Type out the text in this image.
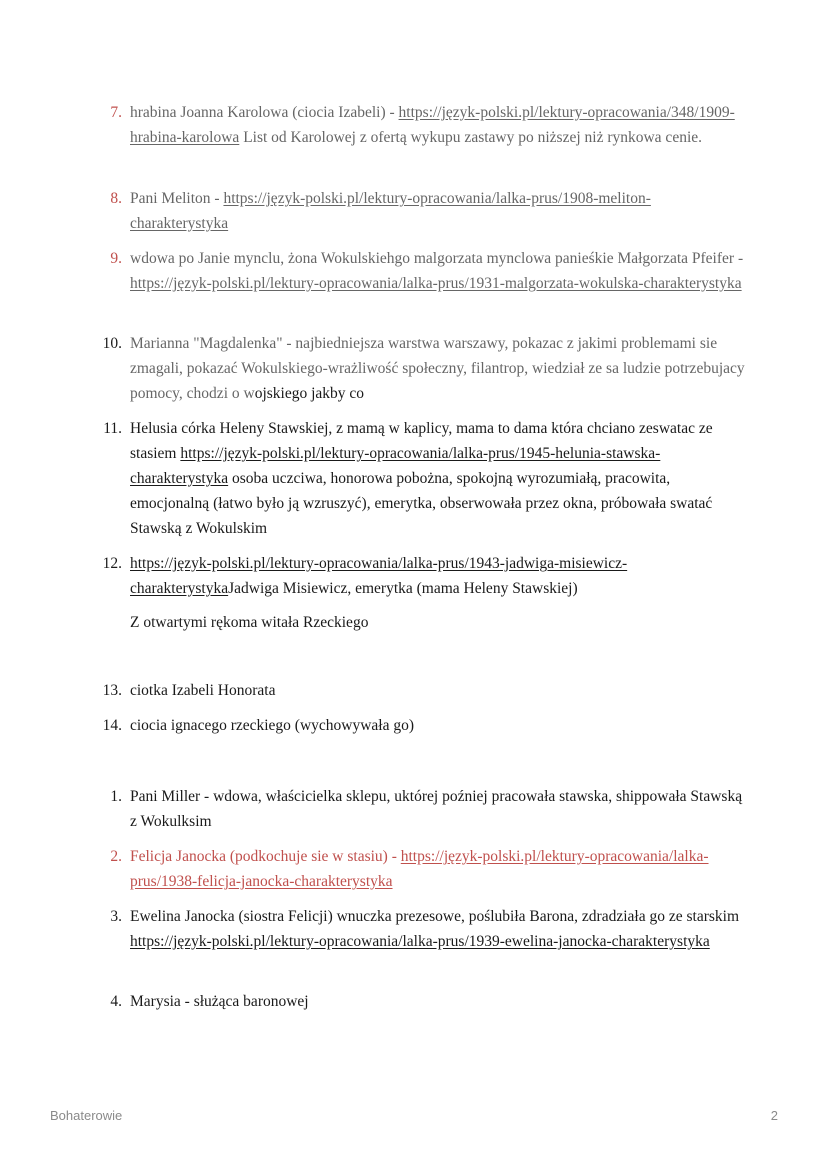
7. hrabina Joanna Karolowa (ciocia Izabeli) - https://język-polski.pl/lektury-opracowania/348/1909-hrabina-karolowa List od Karolowej z ofertą wykupu zastawy po niższej niż rynkowa cenie.
8. Pani Meliton - https://język-polski.pl/lektury-opracowania/lalka-prus/1908-meliton-charakterystyka
9. wdowa po Janie mynclu, żona Wokulskiehgo malgorzata mynclowa panieśkie Małgorzata Pfeifer - https://język-polski.pl/lektury-opracowania/lalka-prus/1931-malgorzata-wokulska-charakterystyka
10. Marianna "Magdalenka" - najbiedniejsza warstwa warszawy, pokazac z jakimi problemami sie zmagali, pokazać Wokulskiego-wrażliwość społeczny, filantrop, wiedział ze sa ludzie potrzebujacy pomocy, chodzi o wojskiego jakby co
11. Helusia córka Heleny Stawskiej, z mamą w kaplicy, mama to dama która chciano zeswatac ze stasiem https://język-polski.pl/lektury-opracowania/lalka-prus/1945-helunia-stawska-charakterystyka osoba uczciwa, honorowa pobożna, spokojną wyrozumiałą, pracowita, emocjonalną (łatwo było ją wzruszyć), emerytka, obserwowała przez okna, próbowała swatać Stawską z Wokulskim
12. https://język-polski.pl/lektury-opracowania/lalka-prus/1943-jadwiga-misiewicz-charakterystykaJadwiga Misiewicz, emerytka (mama Heleny Stawskiej)
Z otwartymi rękoma witała Rzeckiego
13. ciotka Izabeli Honorata
14. ciocia ignacego rzeckiego (wychowywała go)
1. Pani Miller - wdowa, właścicielka sklepu, uktórej poźniej pracowała stawska, shippowała Stawską z Wokulksim
2. Felicja Janocka (podkochuje sie w stasiu) - https://język-polski.pl/lektury-opracowania/lalka-prus/1938-felicja-janocka-charakterystyka
3. Ewelina Janocka (siostra Felicji) wnuczka prezesowe, poślubiła Barona, zdradziała go ze starskim https://język-polski.pl/lektury-opracowania/lalka-prus/1939-ewelina-janocka-charakterystyka
4. Marysia - służąca baronowej
Bohaterowie	2
